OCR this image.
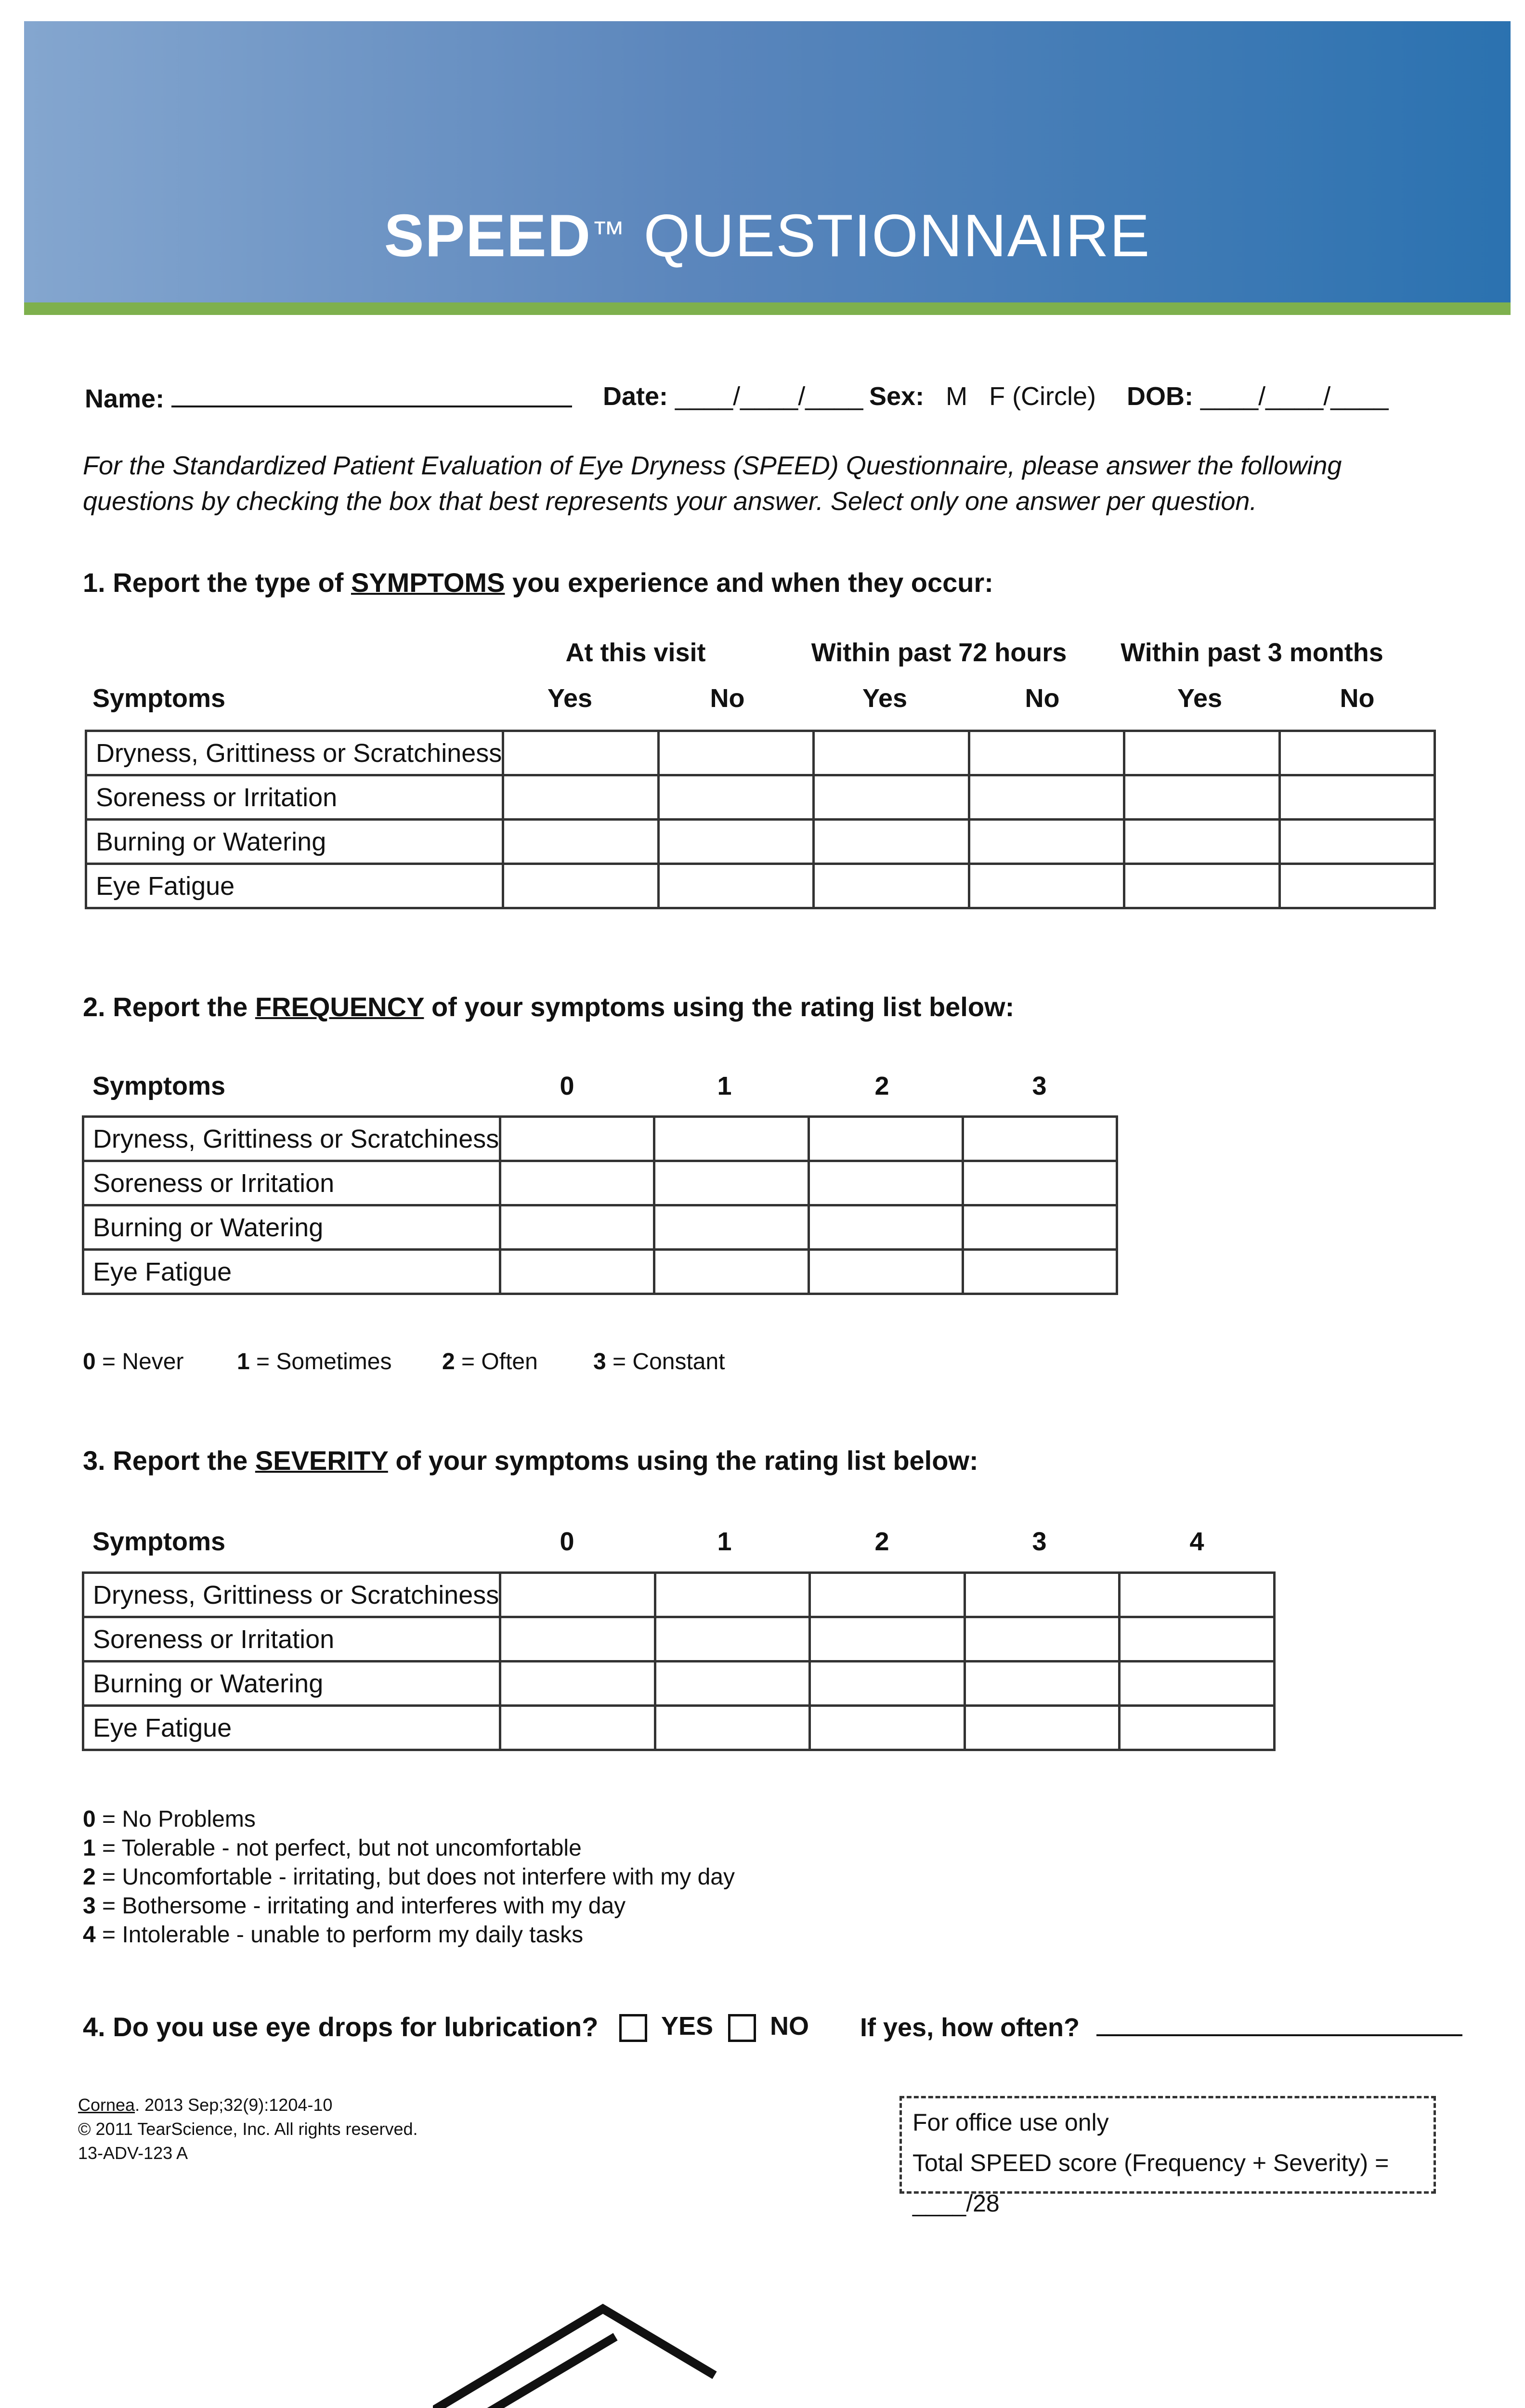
SPEED™ QUESTIONNAIRE
Name:	Date: ____/____/____ Sex: M   F (Circle) DOB: ____/____/____
For the Standardized Patient Evaluation of Eye Dryness (SPEED) Questionnaire, please answer the following questions by checking the box that best represents your answer. Select only one answer per question.
1. Report the type of SYMPTOMS you experience and when they occur:
At this visit	Within past 72 hours Within past 3 months
Symptoms	Yes	No	Yes	No	Yes	No
Dryness, Grittiness or Scratchiness						
Soreness or Irritation						
Burning or Watering						
Eye Fatigue						
2. Report the FREQUENCY of your symptoms using the rating list below:
Symptoms	0	1	2	3
Dryness, Grittiness or Scratchiness				
Soreness or Irritation				
Burning or Watering				
Eye Fatigue				
0 = Never 1 = Sometimes 2 = Often 3 = Constant
3. Report the SEVERITY of your symptoms using the rating list below:
Symptoms	0	1	2	3	4
Dryness, Grittiness or Scratchiness					
Soreness or Irritation					
Burning or Watering					
Eye Fatigue					
0 = No Problems
1 = Tolerable - not perfect, but not uncomfortable
2 = Uncomfortable - irritating, but does not interfere with my day
3 = Bothersome - irritating and interferes with my day
4 = Intolerable - unable to perform my daily tasks
4. Do you use eye drops for lubrication?	YES	NO If yes, how often?
Cornea. 2013 Sep;32(9):1204-10
© 2011 TearScience, Inc. All rights reserved.
13-ADV-123 A
For office use only
Total SPEED score (Frequency + Severity) = ____/28
